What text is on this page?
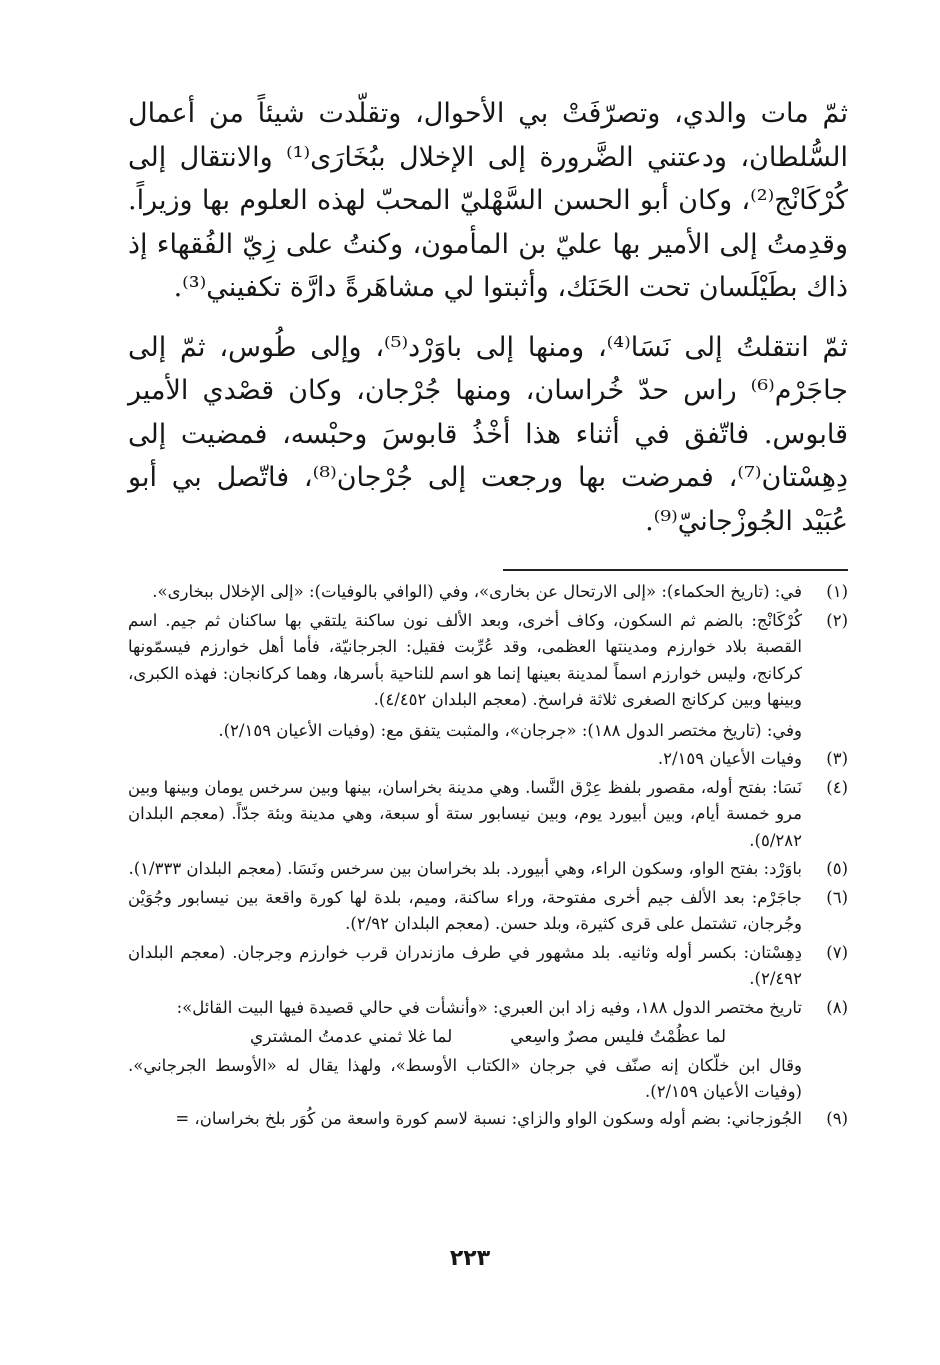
ثمّ مات والدي، وتصرّفَتْ بي الأحوال، وتقلّدت شيئاً من أعمال السُّلطان، ودعتني الضَّرورة إلى الإخلال ببُخَارَى⁽¹⁾ والانتقال إلى كُرْكَانْج⁽²⁾، وكان أبو الحسن السَّهْليّ المحبّ لهذه العلوم بها وزيراً. وقدِمتُ إلى الأمير بها عليّ بن المأمون، وكنتُ على زِيّ الفُقهاء إذ ذاك بطَيْلَسان تحت الحَنَك، وأثبتوا لي مشاهَرةً دارَّة تكفيني⁽³⁾.

ثمّ انتقلتُ إلى نَسَا⁽⁴⁾، ومنها إلى باوَرْد⁽⁵⁾، وإلى طُوس، ثمّ إلى جاجَرْم⁽⁶⁾ راس حدّ خُراسان، ومنها جُرْجان، وكان قصْدي الأمير قابوس. فاتّفق في أثناء هذا أخْذُ قابوسَ وحبْسه، فمضيت إلى دِهِسْتان⁽⁷⁾، فمرضت بها ورجعت إلى جُرْجان⁽⁸⁾، فاتّصل بي أبو عُبَيْد الجُوزْجانيّ⁽⁹⁾.

(١)

في: (تاريخ الحكماء): «إلى الارتحال عن بخارى»، وفي (الوافي بالوفيات): «إلى الإخلال ببخارى».

(٢)

كُرْكَانْج: بالضم ثم السكون، وكاف أخرى، وبعد الألف نون ساكنة يلتقي بها ساكنان ثم جيم. اسم القصبة بلاد خوارزم ومدينتها العظمى، وقد عُرِّبت فقيل: الجرجانيّة، فأما أهل خوارزم فيسمّونها كركانج، وليس خوارزم اسماً لمدينة بعينها إنما هو اسم للناحية بأسرها، وهما كركانجان: فهذه الكبرى، وبينها وبين كركانج الصغرى ثلاثة فراسخ. (معجم البلدان ٤/٤٥٢).

وفي: (تاريخ مختصر الدول ١٨٨): «جرجان»، والمثبت يتفق مع: (وفيات الأعيان ٢/١٥٩).

(٣)

وفيات الأعيان ٢/١٥٩.

(٤)

نَسَا: بفتح أوله، مقصور بلفظ عِرْق النَّسا. وهي مدينة بخراسان، بينها وبين سرخس يومان وبينها وبين مرو خمسة أيام، وبين أبيورد يوم، وبين نيسابور ستة أو سبعة، وهي مدينة وبئة جدّاً. (معجم البلدان ٥/٢٨٢).

(٥)

باوَرْد: بفتح الواو، وسكون الراء، وهي أبيورد. بلد بخراسان بين سرخس ونَسَا. (معجم البلدان ١/٣٣٣).

(٦)

جاجَرْم: بعد الألف جيم أخرى مفتوحة، وراء ساكنة، وميم، بلدة لها كورة واقعة بين نيسابور وجُوَيْن وجُرجان، تشتمل على قرى كثيرة، وبلد حسن. (معجم البلدان ٢/٩٢).

(٧)

دِهِسْتان: بكسر أوله وثانيه. بلد مشهور في طرف مازندران قرب خوارزم وجرجان. (معجم البلدان ٢/٤٩٢).

(٨)

تاريخ مختصر الدول ١٨٨، وفيه زاد ابن العبري: «وأنشأت في حالي قصيدة فيها البيت القائل»:

لما عظُمْتُ فليس مصرٌ واسِعي
لما غلا ثمني عدمتُ المشتري
وقال ابن خلّكان إنه صنّف في جرجان «الكتاب الأوسط»، ولهذا يقال له «الأوسط الجرجاني». (وفيات الأعيان ٢/١٥٩).
(٩)

الجُوزجاني: بضم أوله وسكون الواو والزاي: نسبة لاسم كورة واسعة من كُوَر بلخ بخراسان، =

٢٢٣
